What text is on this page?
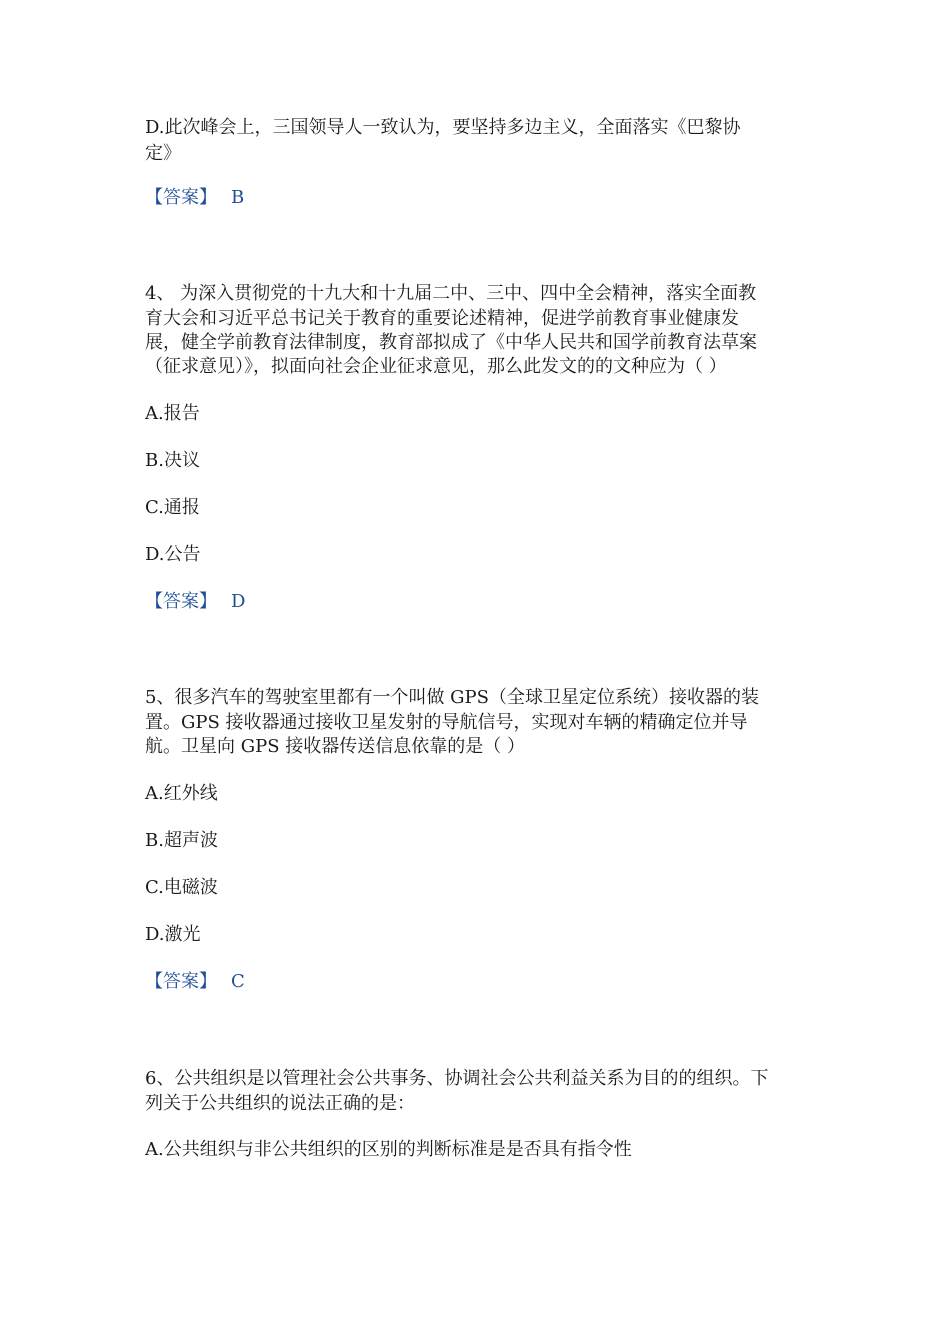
D.此次峰会上，三国领导人一致认为，要坚持多边主义，全面落实《巴黎协
定》
【答案】 B
4、 为深入贯彻党的十九大和十九届二中、三中、四中全会精神，落实全面教
育大会和习近平总书记关于教育的重要论述精神，促进学前教育事业健康发
展，健全学前教育法律制度，教育部拟成了《中华人民共和国学前教育法草案
（征求意见）》，拟面向社会企业征求意见，那么此发文的的文种应为（ ）
A.报告
B.决议
C.通报
D.公告
【答案】 D
5、很多汽车的驾驶室里都有一个叫做 GPS（全球卫星定位系统）接收器的装
置。GPS 接收器通过接收卫星发射的导航信号，实现对车辆的精确定位并导
航。卫星向 GPS 接收器传送信息依靠的是（ ）
A.红外线
B.超声波
C.电磁波
D.激光
【答案】 C
6、公共组织是以管理社会公共事务、协调社会公共利益关系为目的的组织。下
列关于公共组织的说法正确的是：
A.公共组织与非公共组织的区别的判断标准是是否具有指令性
